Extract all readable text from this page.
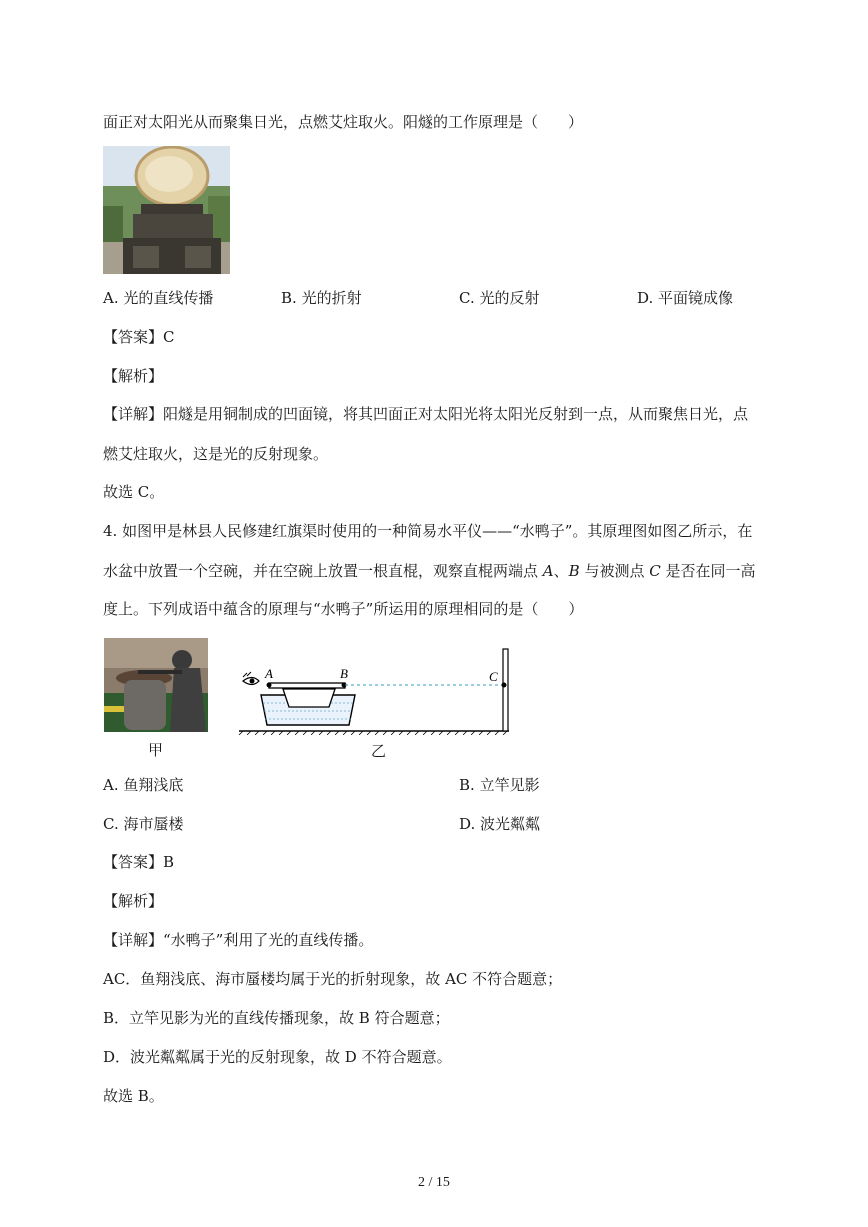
面正对太阳光从而聚集日光，点燃艾炷取火。阳燧的工作原理是（　　）
A. 光的直线传播	B. 光的折射	C. 光的反射	D. 平面镜成像
【答案】C
【解析】
【详解】阳燧是用铜制成的凹面镜，将其凹面正对太阳光将太阳光反射到一点，从而聚焦日光，点
燃艾炷取火，这是光的反射现象。
故选 C。
4. 如图甲是林县人民修建红旗渠时使用的一种简易水平仪——“水鸭子”。其原理图如图乙所示，在
水盆中放置一个空碗，并在空碗上放置一根直棍，观察直棍两端点 A、B 与被测点 C 是否在同一高
度上。下列成语中蕴含的原理与“水鸭子”所运用的原理相同的是（　　）
A	B	C
甲	乙
A. 鱼翔浅底	B. 立竿见影
C. 海市蜃楼	D. 波光粼粼
【答案】B
【解析】
【详解】“水鸭子”利用了光的直线传播。
AC．鱼翔浅底、海市蜃楼均属于光的折射现象，故 AC 不符合题意；
B．立竿见影为光的直线传播现象，故 B 符合题意；
D．波光粼粼属于光的反射现象，故 D 不符合题意。
故选 B。
2 / 15
